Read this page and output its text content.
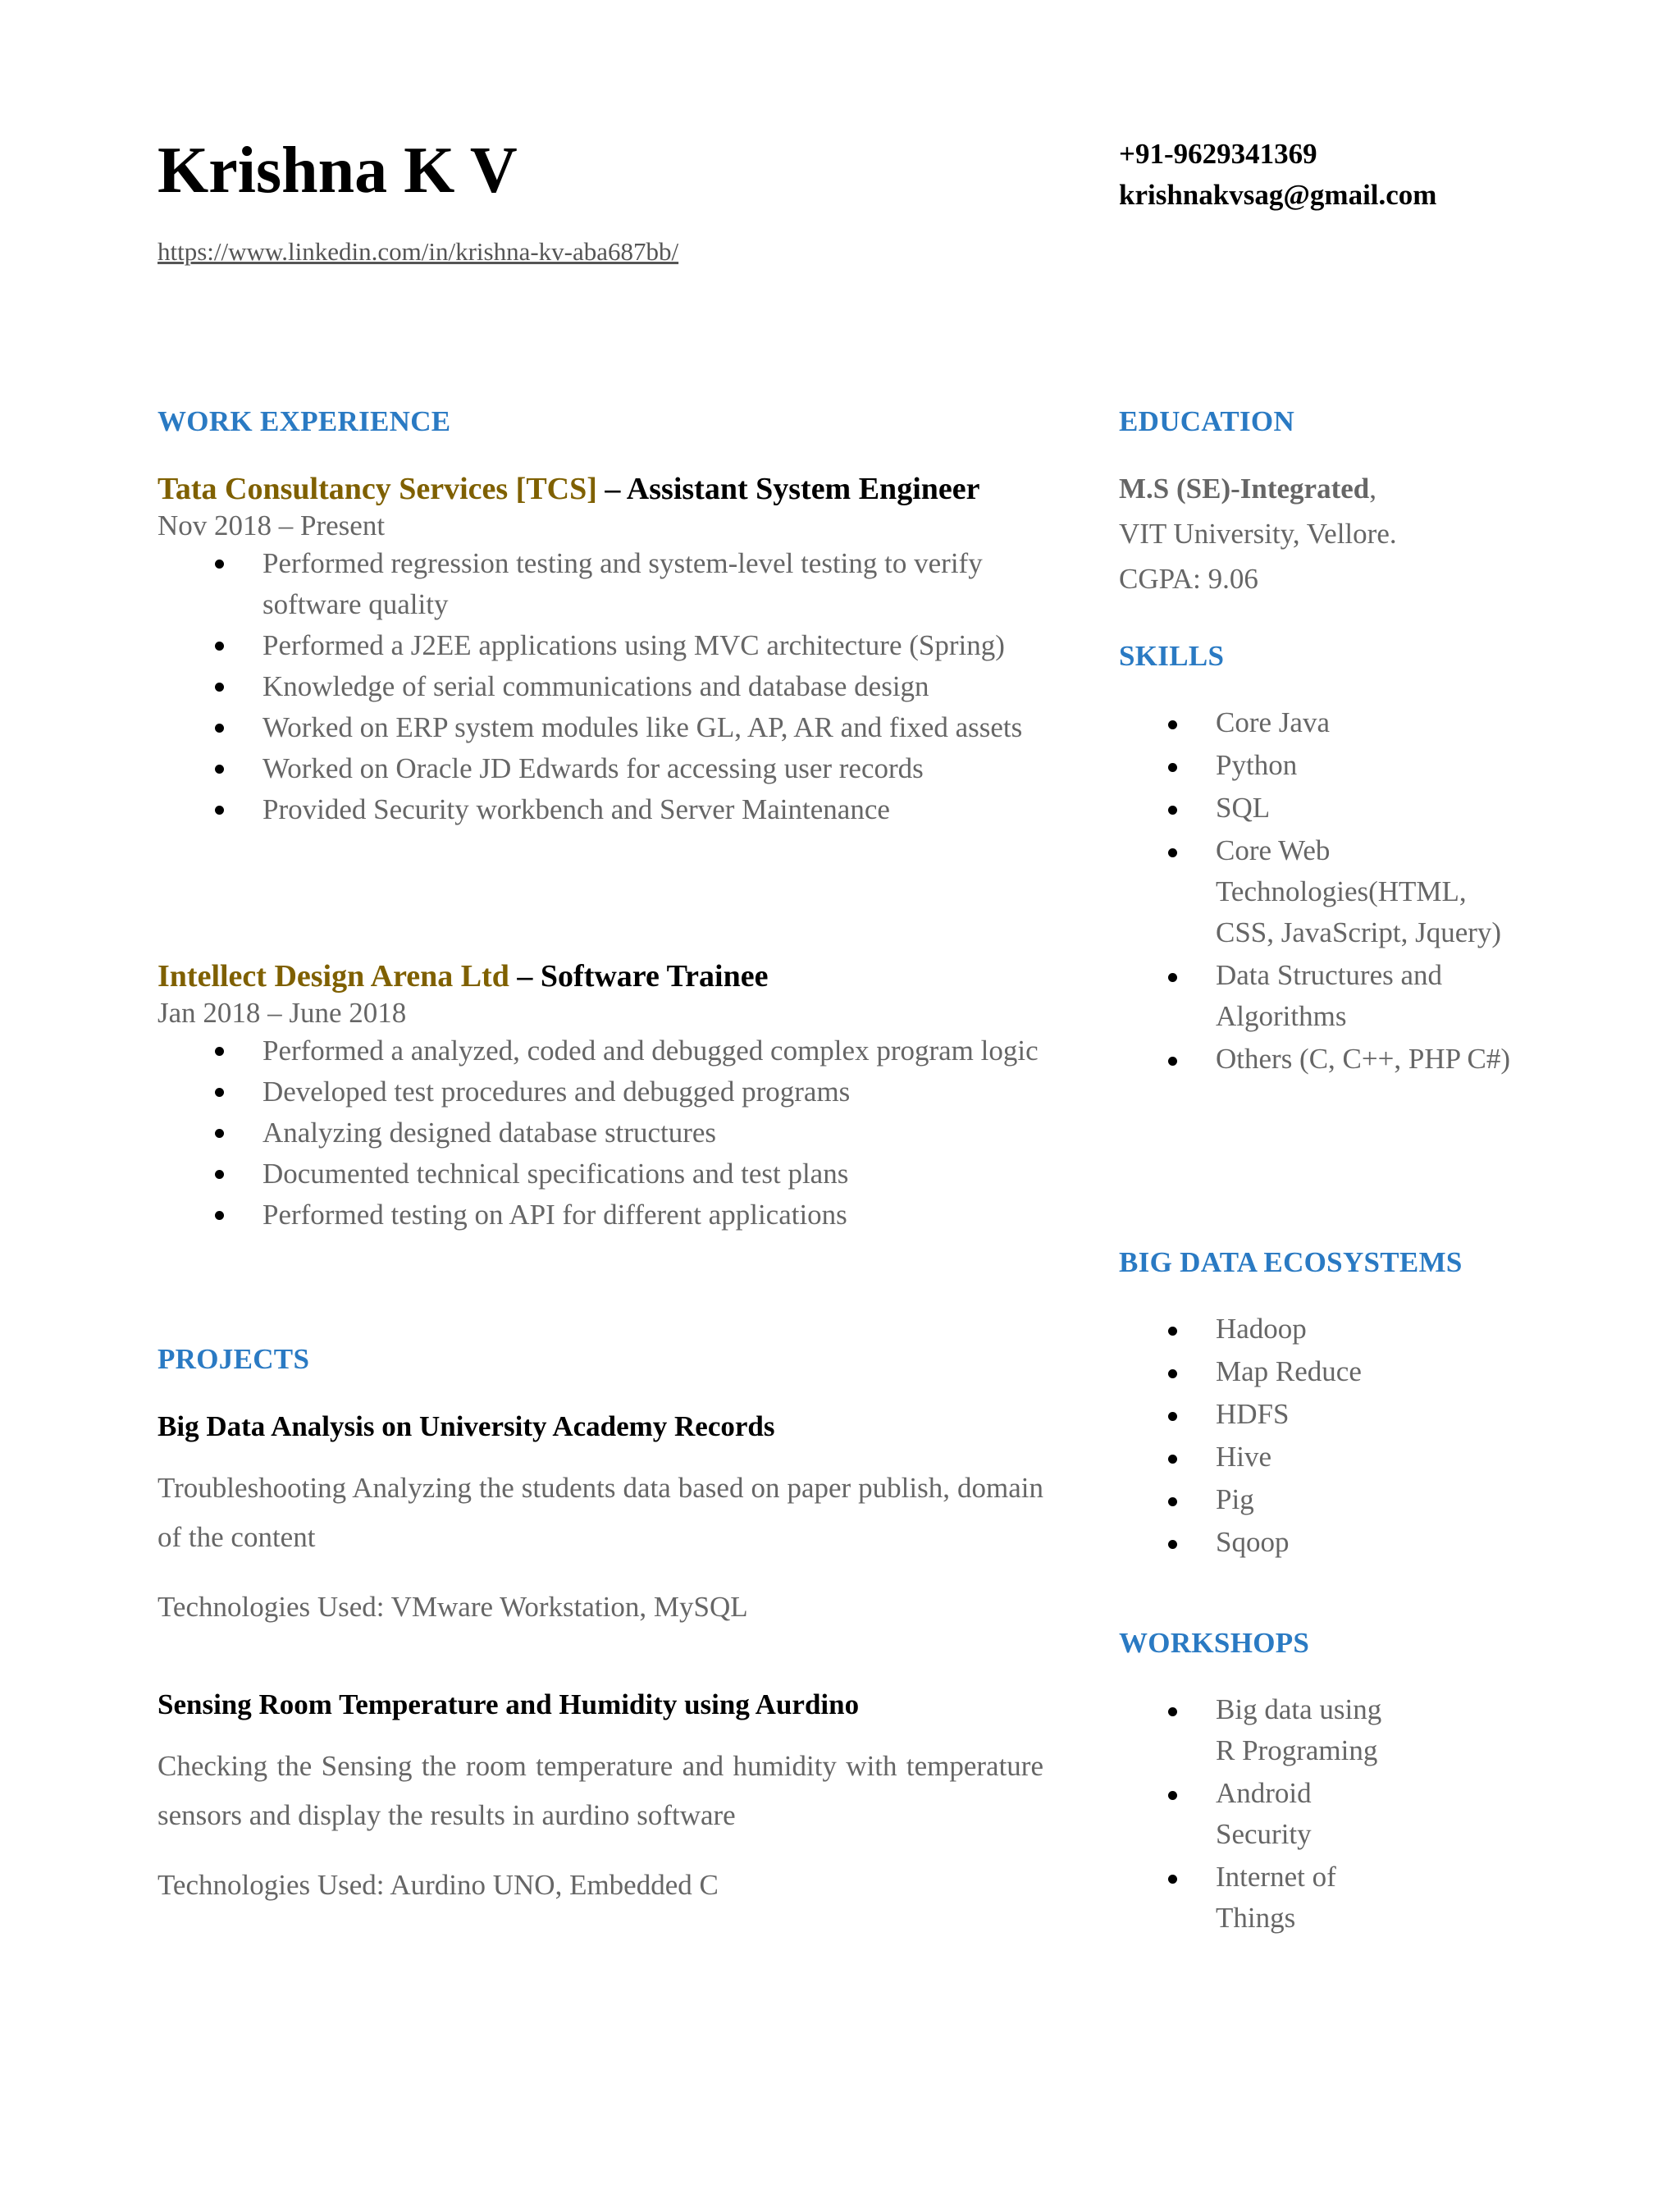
Krishna K V
https://www.linkedin.com/in/krishna-kv-aba687bb/
+91-9629341369
krishnakvsag@gmail.com
WORK EXPERIENCE
Tata Consultancy Services [TCS] – Assistant System Engineer
Nov 2018 – Present
Performed regression testing and system-level testing to verify software quality
Performed a J2EE applications using MVC architecture (Spring)
Knowledge of serial communications and database design
Worked on ERP system modules like GL, AP, AR and fixed assets
Worked on Oracle JD Edwards for accessing user records
Provided Security workbench and Server Maintenance
Intellect Design Arena Ltd – Software Trainee
Jan 2018 – June 2018
Performed a analyzed, coded and debugged complex program logic
Developed test procedures and debugged programs
Analyzing designed database structures
Documented technical specifications and test plans
Performed testing on API for different applications
PROJECTS
Big Data Analysis on University Academy Records
Troubleshooting Analyzing the students data based on paper publish, domain of the content
Technologies Used: VMware Workstation, MySQL
Sensing Room Temperature and Humidity using Aurdino
Checking the Sensing the room temperature and humidity with temperature sensors and display the results in aurdino software
Technologies Used: Aurdino UNO, Embedded C
EDUCATION
M.S (SE)-Integrated,
VIT University, Vellore.
CGPA: 9.06
SKILLS
Core Java
Python
SQL
Core Web Technologies(HTML, CSS, JavaScript, Jquery)
Data Structures and Algorithms
Others (C, C++, PHP C#)
BIG DATA ECOSYSTEMS
Hadoop
Map Reduce
HDFS
Hive
Pig
Sqoop
WORKSHOPS
Big data using R Programing
Android Security
Internet of Things
